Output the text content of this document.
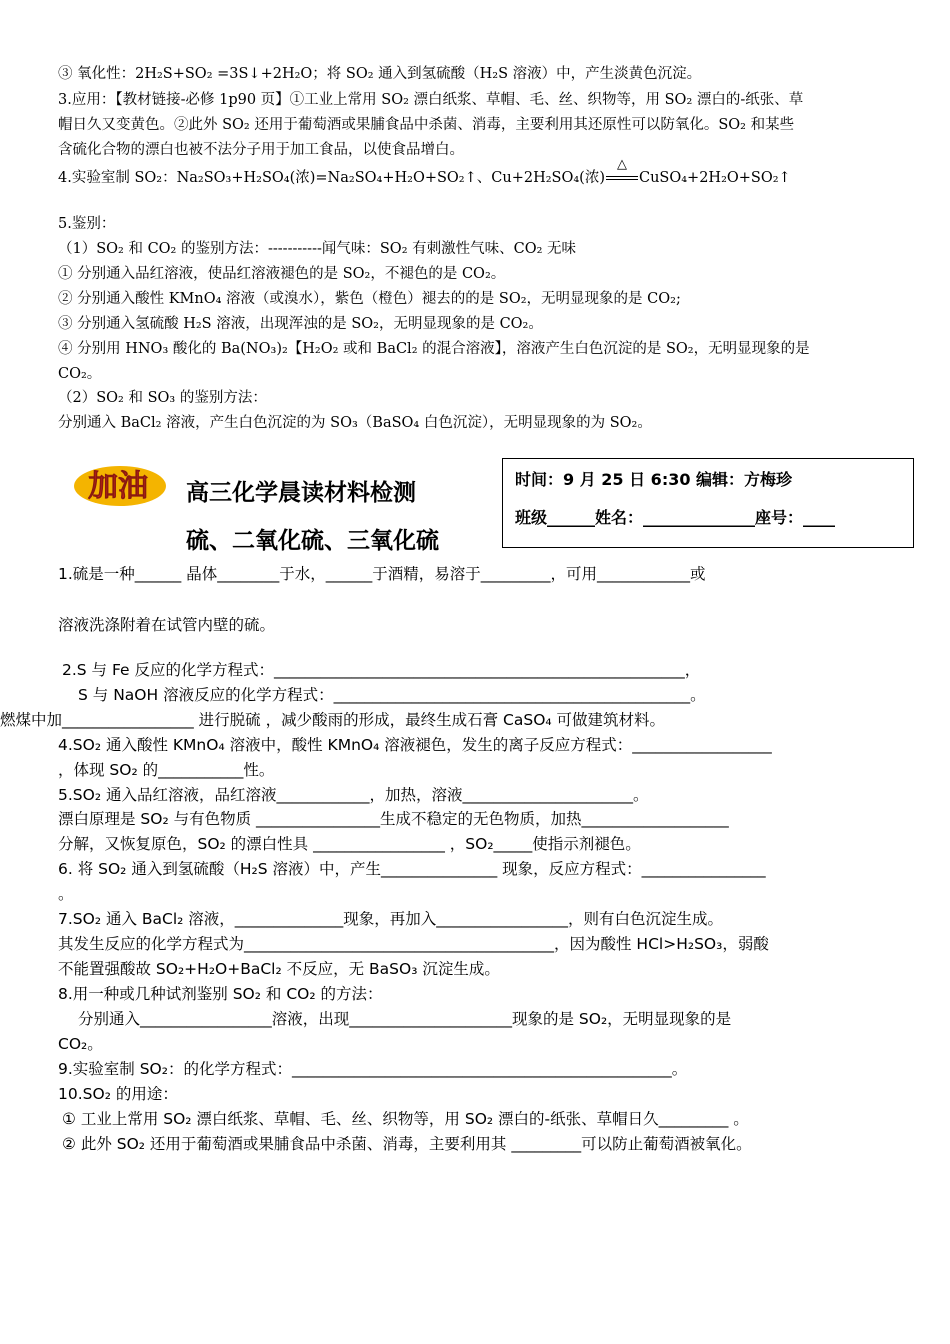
③ 氧化性：2H₂S+SO₂ =3S↓+2H₂O；将 SO₂ 通入到氢硫酸（H₂S 溶液）中，产生淡黄色沉淀。
3.应用：【教材链接-必修 1p90 页】①工业上常用 SO₂ 漂白纸浆、草帽、毛、丝、织物等，用 SO₂ 漂白的-纸张、草
帽日久又变黄色。②此外 SO₂ 还用于葡萄酒或果脯食品中杀菌、消毒，主要利用其还原性可以防氧化。SO₂ 和某些
含硫化合物的漂白也被不法分子用于加工食品，以使食品增白。
4.实验室制 SO₂：Na₂SO₃+H₂SO₄(浓)=Na₂SO₄+H₂O+SO₂↑、Cu+2H₂SO₄(浓)
△
CuSO₄+2H₂O+SO₂↑
5.鉴别：
（1）SO₂ 和 CO₂ 的鉴别方法：-----------闻气味：SO₂ 有刺激性气味、CO₂ 无味
① 分别通入品红溶液，使品红溶液褪色的是 SO₂，不褪色的是 CO₂。
② 分别通入酸性 KMnO₄ 溶液（或溴水），紫色（橙色）褪去的的是 SO₂，无明显现象的是 CO₂;
③ 分别通入氢硫酸 H₂S 溶液，出现浑浊的是 SO₂，无明显现象的是 CO₂。
④ 分别用 HNO₃ 酸化的 Ba(NO₃)₂【H₂O₂ 或和 BaCl₂ 的混合溶液】，溶液产生白色沉淀的是 SO₂，无明显现象的是
CO₂。
（2）SO₂ 和 SO₃ 的鉴别方法：
分别通入 BaCl₂ 溶液，产生白色沉淀的为 SO₃（BaSO₄ 白色沉淀），无明显现象的为 SO₂。
加油 高三化学晨读材料检测
硫、二氧化硫、三氧化硫
时间：9 月 25 日 6:30 编辑：方梅珍
班级______姓名：______________座号：____
1.硫是一种______ 晶体________于水，______于酒精，易溶于_________，可用____________或
溶液洗涤附着在试管内壁的硫。
2.S 与 Fe 反应的化学方程式：_____________________________________________________，
S 与 NaOH 溶液反应的化学方程式：______________________________________________。
燃煤中加_________________ 进行脱硫 ，减少酸雨的形成，最终生成石膏 CaSO₄ 可做建筑材料。
4.SO₂ 通入酸性 KMnO₄ 溶液中，酸性 KMnO₄ 溶液褪色，发生的离子反应方程式：__________________
，体现 SO₂ 的___________性。
5.SO₂ 通入品红溶液，品红溶液____________，加热，溶液______________________。
漂白原理是 SO₂ 与有色物质 ________________生成不稳定的无色物质，加热___________________
分解，又恢复原色，SO₂ 的漂白性具 _________________ ，SO₂_____使指示剂褪色。
6. 将 SO₂ 通入到氢硫酸（H₂S 溶液）中，产生_______________ 现象，反应方程式：________________
。
7.SO₂ 通入 BaCl₂ 溶液，______________现象，再加入_________________，则有白色沉淀生成。
其发生反应的化学方程式为________________________________________，因为酸性 HCl>H₂SO₃，弱酸
不能置强酸故 SO₂+H₂O+BaCl₂ 不反应，无 BaSO₃ 沉淀生成。
8.用一种或几种试剂鉴别 SO₂ 和 CO₂ 的方法：
分别通入_________________溶液，出现_____________________现象的是 SO₂，无明显现象的是
CO₂。
9.实验室制 SO₂：的化学方程式：_________________________________________________。
10.SO₂ 的用途：
① 工业上常用 SO₂ 漂白纸浆、草帽、毛、丝、织物等，用 SO₂ 漂白的-纸张、草帽日久_________ 。
② 此外 SO₂ 还用于葡萄酒或果脯食品中杀菌、消毒，主要利用其 _________可以防止葡萄酒被氧化。
